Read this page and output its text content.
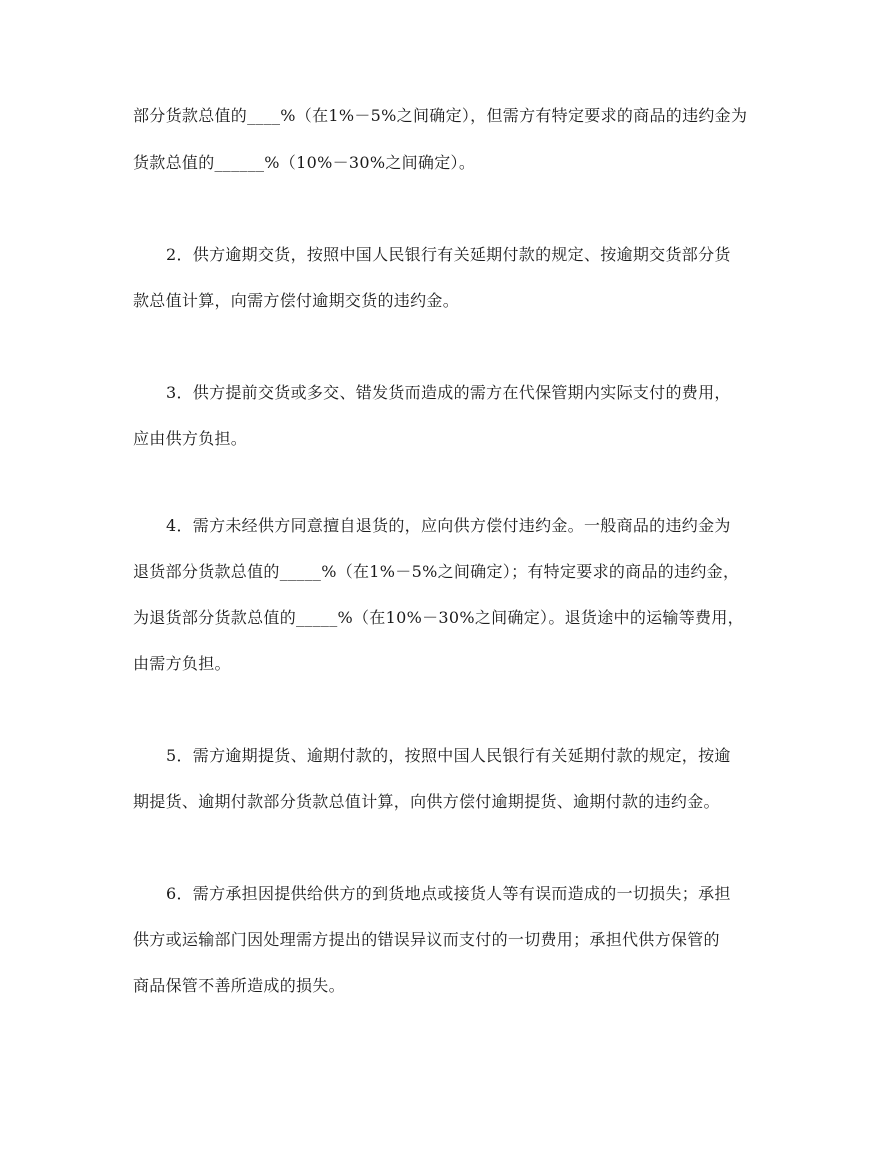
部分货款总值的____%（在1%－5%之间确定），但需方有特定要求的商品的违约金为
货款总值的______%（10%－30%之间确定）。
2．供方逾期交货，按照中国人民银行有关延期付款的规定、按逾期交货部分货
款总值计算，向需方偿付逾期交货的违约金。
3．供方提前交货或多交、错发货而造成的需方在代保管期内实际支付的费用，
应由供方负担。
4．需方未经供方同意擅自退货的，应向供方偿付违约金。一般商品的违约金为
退货部分货款总值的_____%（在1%－5%之间确定）；有特定要求的商品的违约金，
为退货部分货款总值的_____%（在10%－30%之间确定）。退货途中的运输等费用，
由需方负担。
5．需方逾期提货、逾期付款的，按照中国人民银行有关延期付款的规定，按逾
期提货、逾期付款部分货款总值计算，向供方偿付逾期提货、逾期付款的违约金。
6．需方承担因提供给供方的到货地点或接货人等有误而造成的一切损失；承担
供方或运输部门因处理需方提出的错误异议而支付的一切费用；承担代供方保管的
商品保管不善所造成的损失。
